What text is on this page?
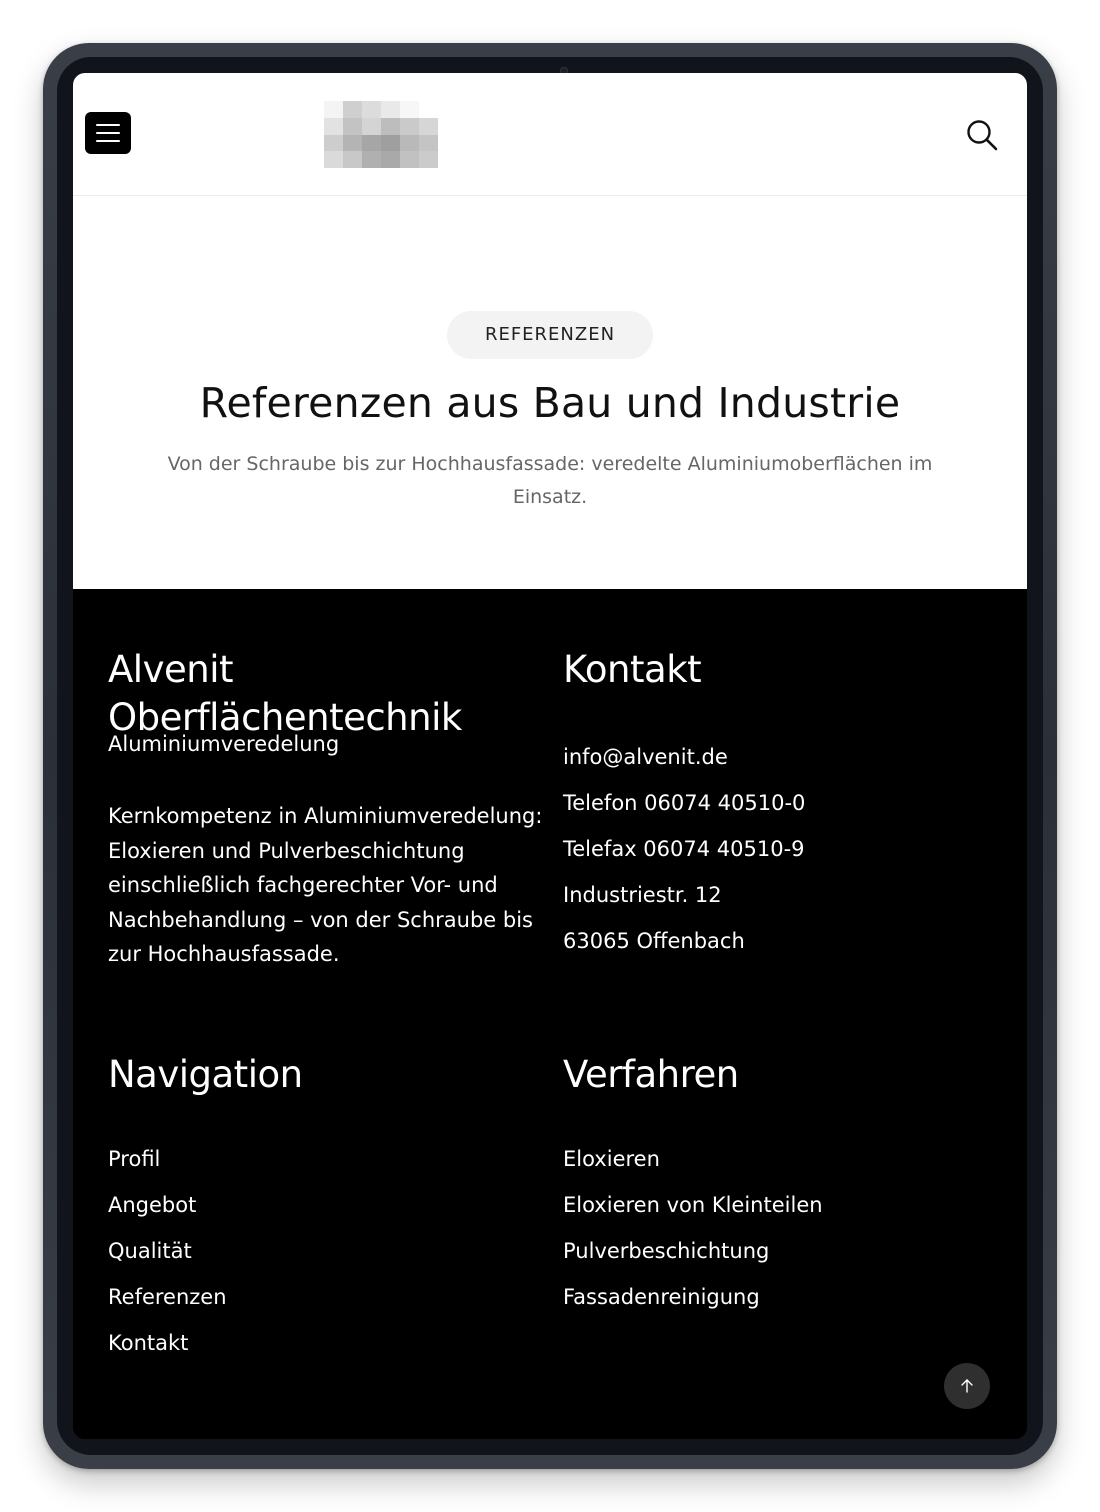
REFERENZEN
Referenzen aus Bau und Industrie

Von der Schraube bis zur Hochhausfassade: veredelte Aluminiumoberflächen im Einsatz.

Alvenit Oberflächentechnik
Aluminiumveredelung

Kernkompetenz in Aluminiumveredelung: Eloxieren und Pulverbeschichtung einschließlich fachgerechter Vor- und Nachbehandlung – von der Schraube bis zur Hochhausfassade.

Kontakt
info@alvenit.de
Telefon 06074 40510-0
Telefax 06074 40510-9
Industriestr. 12
63065 Offenbach
Navigation
Profil
Angebot
Qualität
Referenzen
Kontakt
Verfahren
Eloxieren
Eloxieren von Kleinteilen
Pulverbeschichtung
Fassadenreinigung
